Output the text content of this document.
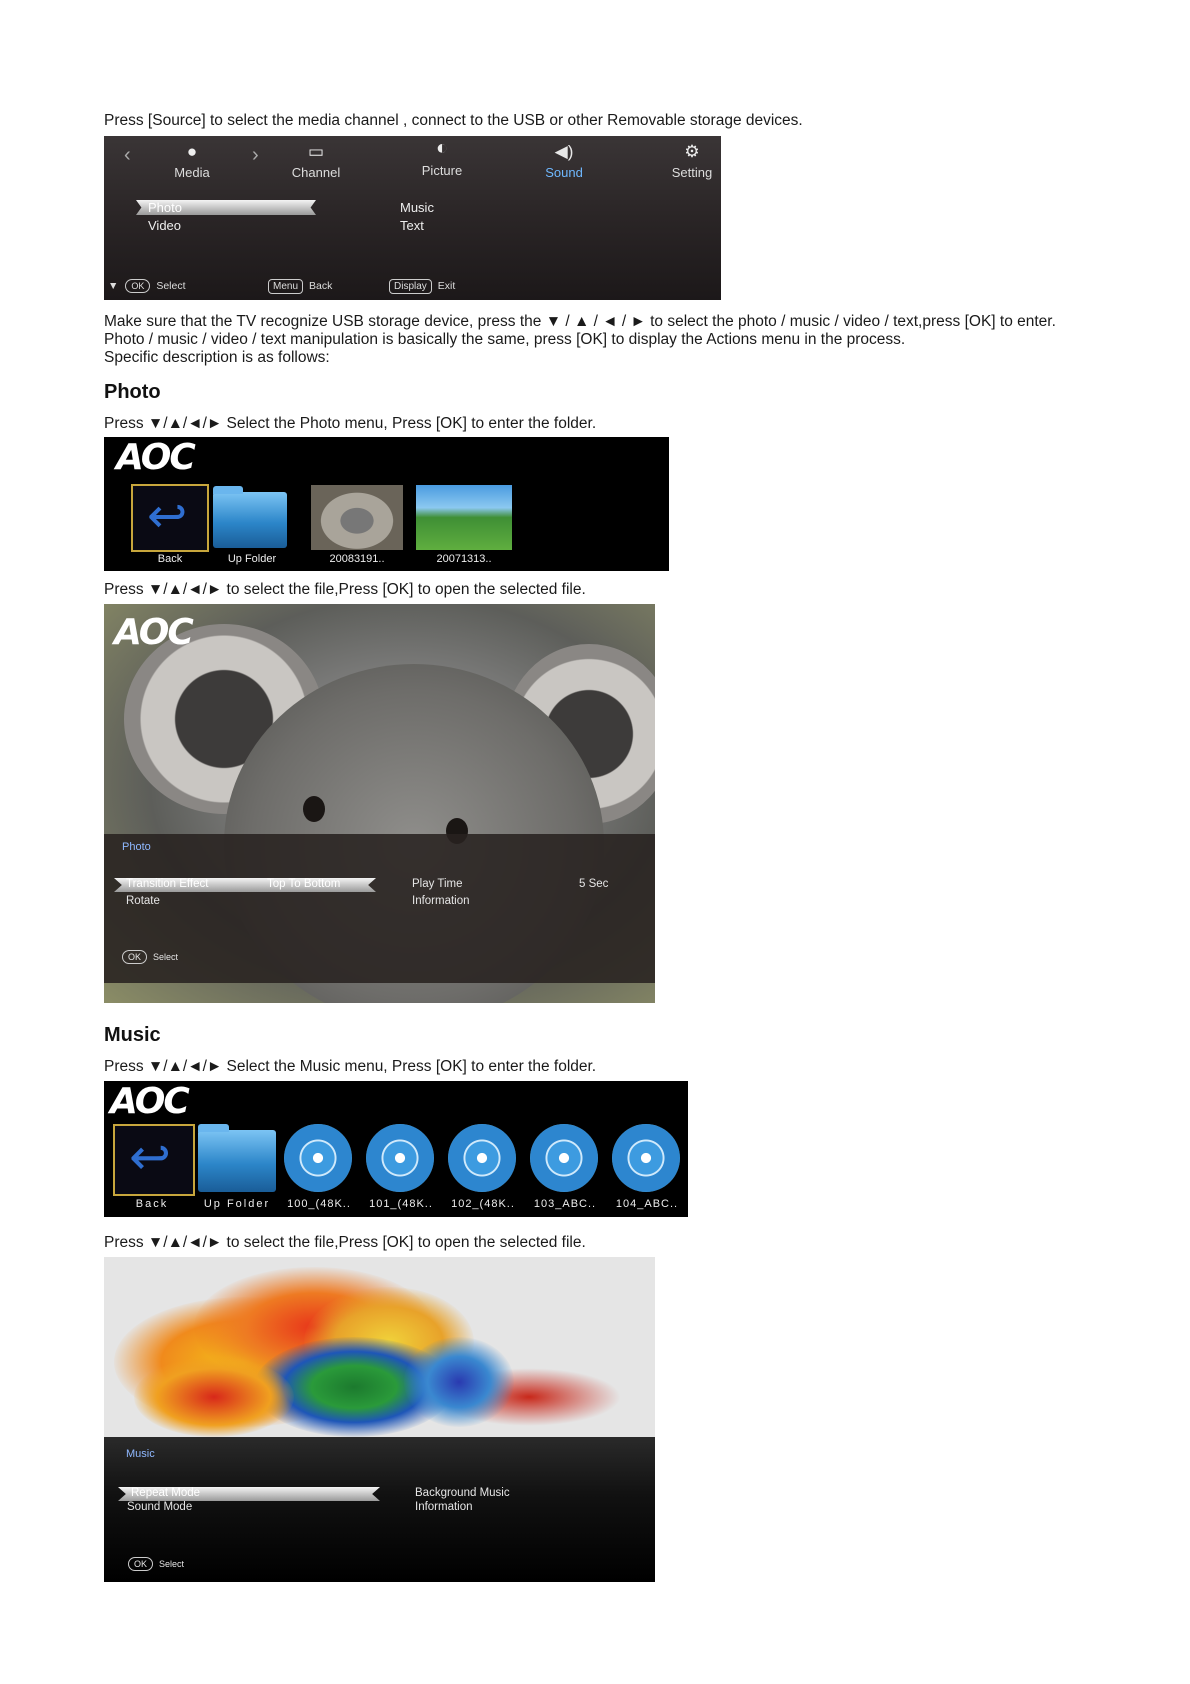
Press [Source] to select the media channel , connect to the USB or other Removable storage devices.
‹	●
Media
›	▭
Channel
◐
Picture
◀)
Sound
⚙
Setting
Photo
Video
Music
Text
▼ OK Select	Menu Back	Display Exit
Make sure that the TV recognize USB storage device, press the ▼ / ▲ / ◄ / ► to select the photo / music / video / text,press [OK] to enter.
Photo / music / video / text manipulation is basically the same, press [OK] to display the Actions menu in the process.
Specific description is as follows:
Photo
Press ▼/▲/◄/► Select the Photo menu, Press [OK] to enter the folder.
AOC
↩
Back	Up Folder	20083191..	20071313..
Press ▼/▲/◄/► to select the file,Press [OK] to open the selected file.
AOC
Photo
Transition Effect	Top To Bottom
Rotate
Play Time	5 Sec
Information
OK Select
Music
Press ▼/▲/◄/► Select the Music menu, Press [OK] to enter the folder.
AOC
↩
Back	Up Folder	100_(48K..	101_(48K..	102_(48K..	103_ABC..	104_ABC..
Press ▼/▲/◄/► to select the file,Press [OK] to open the selected file.
Music
Repeat Mode
Sound Mode
Background Music
Information
OK Select
